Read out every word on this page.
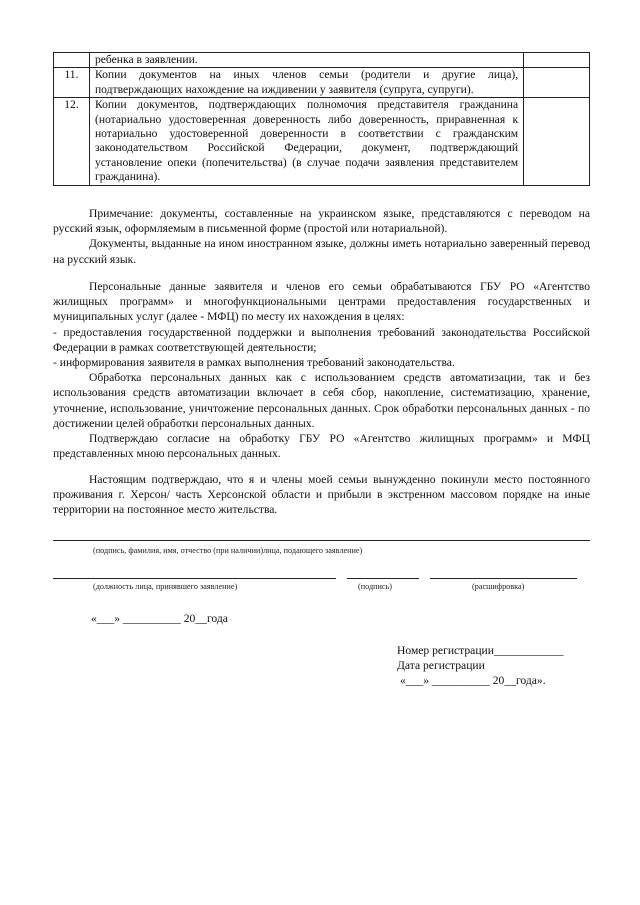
	ребенка в заявлении.	
11.	Копии документов на иных членов семьи (родители и другие лица), подтверждающих нахождение на иждивении у заявителя (супруга, супруги).	
12.	Копии документов, подтверждающих полномочия представителя гражданина (нотариально удостоверенная доверенность либо доверенность, приравненная к нотариально удостоверенной доверенности в соответствии с гражданским законодательством Российской Федерации, документ, подтверждающий установление опеки (попечительства) (в случае подачи заявления представителем гражданина).	

Примечание: документы, составленные на украинском языке, представляются с переводом на русский язык, оформляемым в письменной форме (простой или нотариальной).

Документы, выданные на ином иностранном языке, должны иметь нотариально заверенный перевод на русский язык.

Персональные данные заявителя и членов его семьи обрабатываются ГБУ РО «Агентство жилищных программ» и многофункциональными центрами предоставления государственных и муниципальных услуг (далее - МФЦ) по месту их нахождения в целях:

- предоставления государственной поддержки и выполнения требований законодательства Российской Федерации в рамках соответствующей деятельности;

- информирования заявителя в рамках выполнения требований законодательства.

Обработка персональных данных как с использованием средств автоматизации, так и без использования средств автоматизации включает в себя сбор, накопление, систематизацию, хранение, уточнение, использование, уничтожение персональных данных. Срок обработки персональных данных - по достижении целей обработки персональных данных.

Подтверждаю согласие на обработку ГБУ РО «Агентство жилищных программ» и МФЦ представленных мною персональных данных.

Настоящим подтверждаю, что я и члены моей семьи вынужденно покинули место постоянного проживания г. Херсон/ часть Херсонской области и прибыли в экстренном массовом порядке на иные территории на постоянное место жительства.

(подпись, фамилия, имя, отчество (при наличии)лица, подающего заявление)
(должность лица, принявшего заявление)	(подпись)	(расшифровка)
«___» __________ 20__года
Номер регистрации____________
Дата регистрации
«___» __________ 20__года».
